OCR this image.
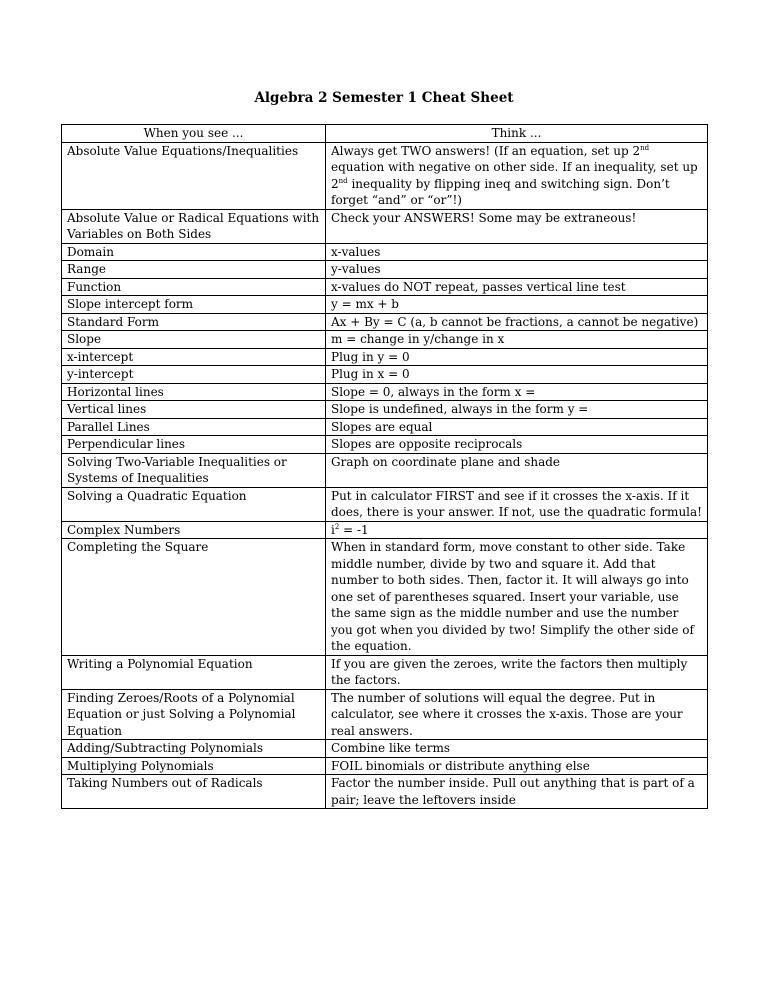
Algebra 2 Semester 1 Cheat Sheet
When you see ...	Think ...
Absolute Value Equations/Inequalities	Always get TWO answers! (If an equation, set up 2nd equation with negative on other side. If an inequality, set up 2nd inequality by flipping ineq and switching sign. Don’t forget “and” or “or”!)
Absolute Value or Radical Equations with Variables on Both Sides	Check your ANSWERS! Some may be extraneous!
Domain	x-values
Range	y-values
Function	x-values do NOT repeat, passes vertical line test
Slope intercept form	y = mx + b
Standard Form	Ax + By = C (a, b cannot be fractions, a cannot be negative)
Slope	m = change in y/change in x
x-intercept	Plug in y = 0
y-intercept	Plug in x = 0
Horizontal lines	Slope = 0, always in the form x =
Vertical lines	Slope is undefined, always in the form y =
Parallel Lines	Slopes are equal
Perpendicular lines	Slopes are opposite reciprocals
Solving Two-Variable Inequalities or Systems of Inequalities	Graph on coordinate plane and shade
Solving a Quadratic Equation	Put in calculator FIRST and see if it crosses the x-axis. If it does, there is your answer. If not, use the quadratic formula!
Complex Numbers	$i^2 = -1$
Completing the Square	When in standard form, move constant to other side. Take middle number, divide by two and square it. Add that number to both sides. Then, factor it. It will always go into one set of parentheses squared. Insert your variable, use the same sign as the middle number and use the number you got when you divided by two! Simplify the other side of the equation.
Writing a Polynomial Equation	If you are given the zeroes, write the factors then multiply the factors.
Finding Zeroes/Roots of a Polynomial Equation or just Solving a Polynomial Equation	The number of solutions will equal the degree. Put in calculator, see where it crosses the x-axis. Those are your real answers.
Adding/Subtracting Polynomials	Combine like terms
Multiplying Polynomials	FOIL binomials or distribute anything else
Taking Numbers out of Radicals	Factor the number inside. Pull out anything that is part of a pair; leave the leftovers inside
